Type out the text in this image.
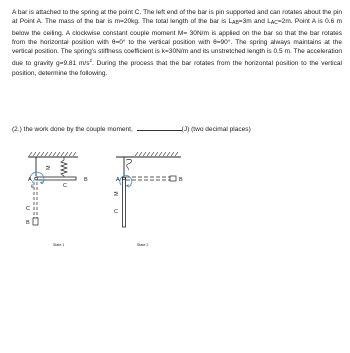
A bar is attached to the spring at the point C. The left end of the bar is pin supported and can rotates about the pin at Point A. The mass of the bar is m=20kg. The total length of the bar is $L_{AB}=3m$ and $L_{AC}=2m$. Point A is 0.6 m below the ceiling. A clockwise constant couple moment M= 30N/m is applied on the bar so that the bar rotates from the horizontal position with θ=0° to the vertical position with θ=90°. The spring always maintains at the vertical position. The spring's stiffness coefficient is k=30N/m and its unstretched length is 0.5 m. The acceleration due to gravity g=9.81 $m/s^2$. During the process that the bar rotates from the horizontal position to the vertical position, determine the following.

(2.) the work done by the couple moment,	(J) (two decimal places)
M
A
C
B
θ
C
B
State 1
M
A	B
C
State 2
